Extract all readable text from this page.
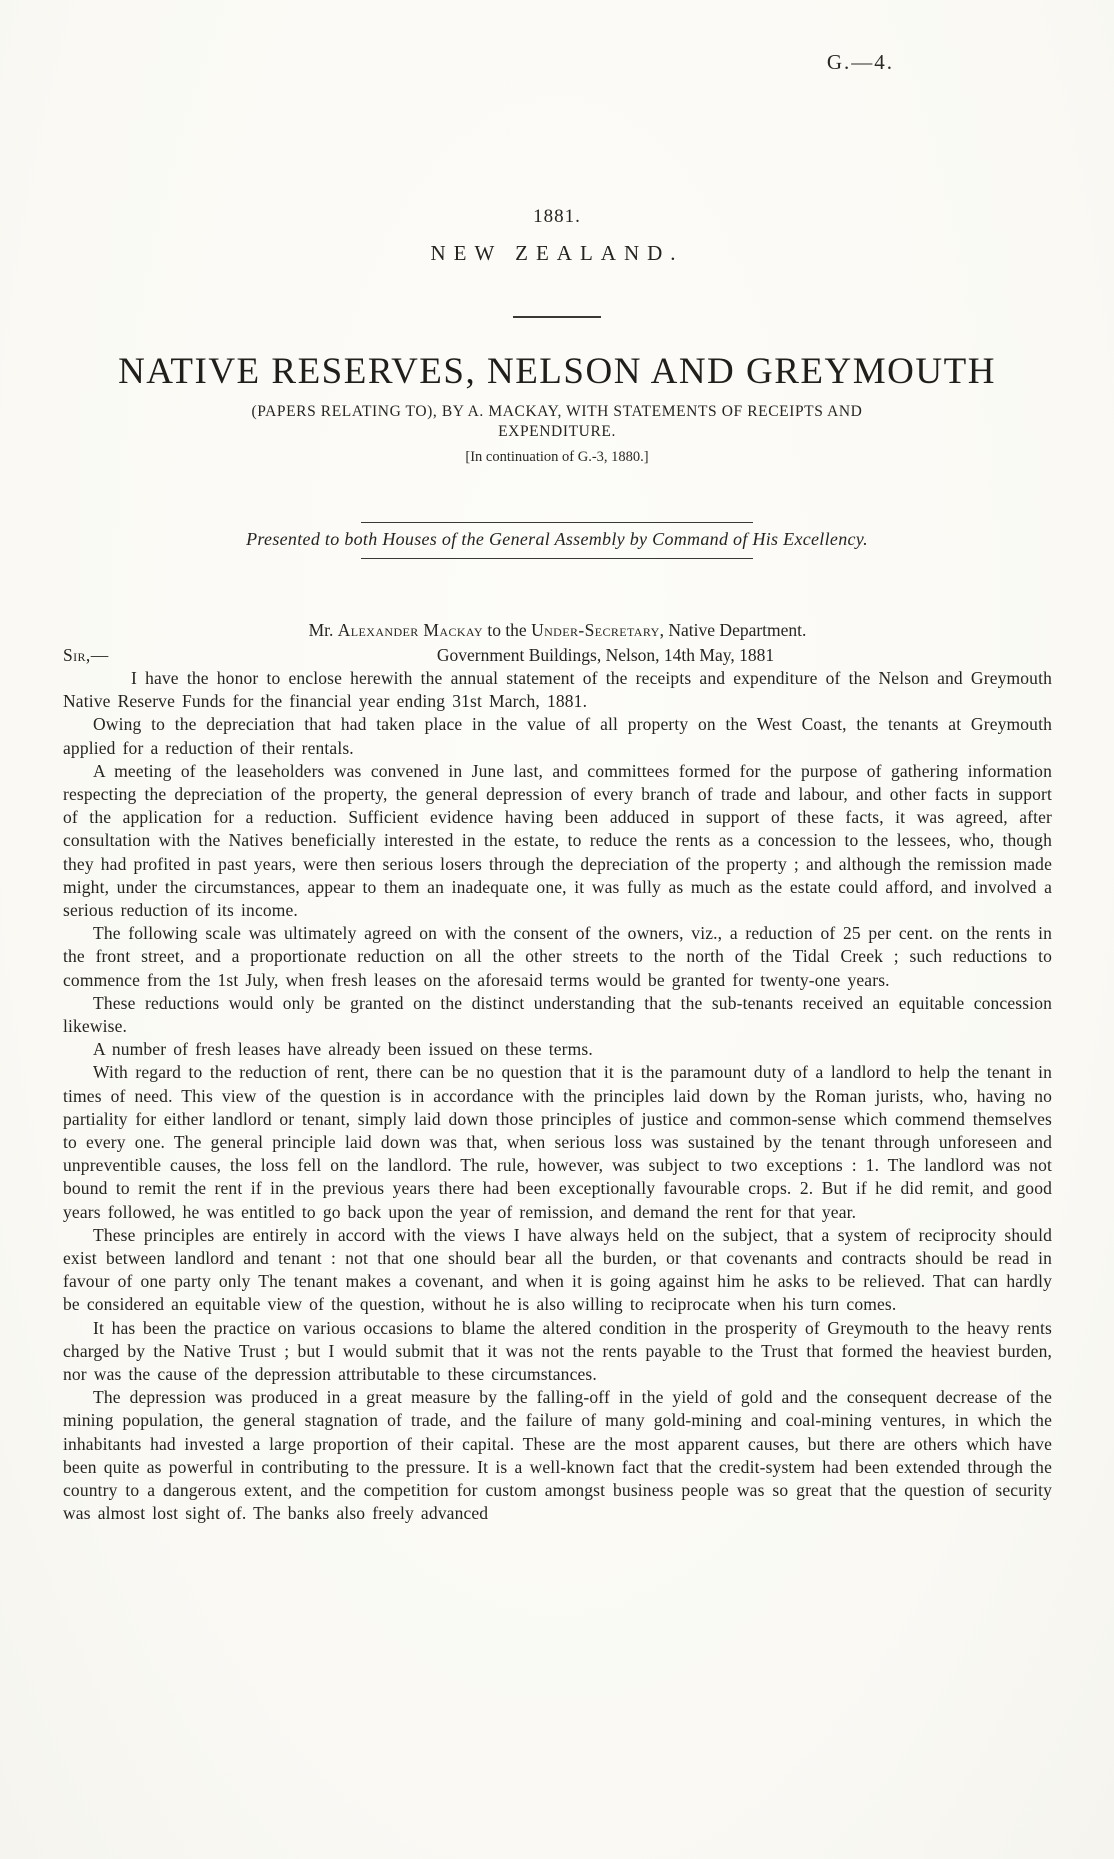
G.—4.
1881.
NEW ZEALAND.
NATIVE RESERVES, NELSON AND GREYMOUTH
(PAPERS RELATING TO), BY A. MACKAY, WITH STATEMENTS OF RECEIPTS AND
EXPENDITURE.
[In continuation of G.-3, 1880.]
Presented to both Houses of the General Assembly by Command of His Excellency.
Mr. Alexander Mackay to the Under-Secretary, Native Department.
Sir,—	Government Buildings, Nelson, 14th May, 1881

I have the honor to enclose herewith the annual statement of the receipts and expenditure of the Nelson and Greymouth Native Reserve Funds for the financial year ending 31st March, 1881.

Owing to the depreciation that had taken place in the value of all property on the West Coast, the tenants at Greymouth applied for a reduction of their rentals.

A meeting of the leaseholders was convened in June last, and committees formed for the purpose of gathering information respecting the depreciation of the property, the general depression of every branch of trade and labour, and other facts in support of the application for a reduction. Sufficient evidence having been adduced in support of these facts, it was agreed, after consultation with the Natives beneficially interested in the estate, to reduce the rents as a concession to the lessees, who, though they had profited in past years, were then serious losers through the depreciation of the property ; and although the remission made might, under the circumstances, appear to them an inadequate one, it was fully as much as the estate could afford, and involved a serious reduction of its income.

The following scale was ultimately agreed on with the consent of the owners, viz., a reduction of 25 per cent. on the rents in the front street, and a proportionate reduction on all the other streets to the north of the Tidal Creek ; such reductions to commence from the 1st July, when fresh leases on the aforesaid terms would be granted for twenty-one years.

These reductions would only be granted on the distinct understanding that the sub-tenants received an equitable concession likewise.

A number of fresh leases have already been issued on these terms.

With regard to the reduction of rent, there can be no question that it is the paramount duty of a landlord to help the tenant in times of need. This view of the question is in accordance with the principles laid down by the Roman jurists, who, having no partiality for either landlord or tenant, simply laid down those principles of justice and common-sense which commend themselves to every one. The general principle laid down was that, when serious loss was sustained by the tenant through unforeseen and unpreventible causes, the loss fell on the landlord. The rule, however, was subject to two exceptions : 1. The landlord was not bound to remit the rent if in the previous years there had been exceptionally favourable crops. 2. But if he did remit, and good years followed, he was entitled to go back upon the year of remission, and demand the rent for that year.

These principles are entirely in accord with the views I have always held on the subject, that a system of reciprocity should exist between landlord and tenant : not that one should bear all the burden, or that covenants and contracts should be read in favour of one party only The tenant makes a covenant, and when it is going against him he asks to be relieved. That can hardly be considered an equitable view of the question, without he is also willing to reciprocate when his turn comes.

It has been the practice on various occasions to blame the altered condition in the prosperity of Greymouth to the heavy rents charged by the Native Trust ; but I would submit that it was not the rents payable to the Trust that formed the heaviest burden, nor was the cause of the depression attributable to these circumstances.

The depression was produced in a great measure by the falling-off in the yield of gold and the consequent decrease of the mining population, the general stagnation of trade, and the failure of many gold-mining and coal-mining ventures, in which the inhabitants had invested a large proportion of their capital. These are the most apparent causes, but there are others which have been quite as powerful in contributing to the pressure. It is a well-known fact that the credit-system had been extended through the country to a dangerous extent, and the competition for custom amongst business people was so great that the question of security was almost lost sight of. The banks also freely advanced
